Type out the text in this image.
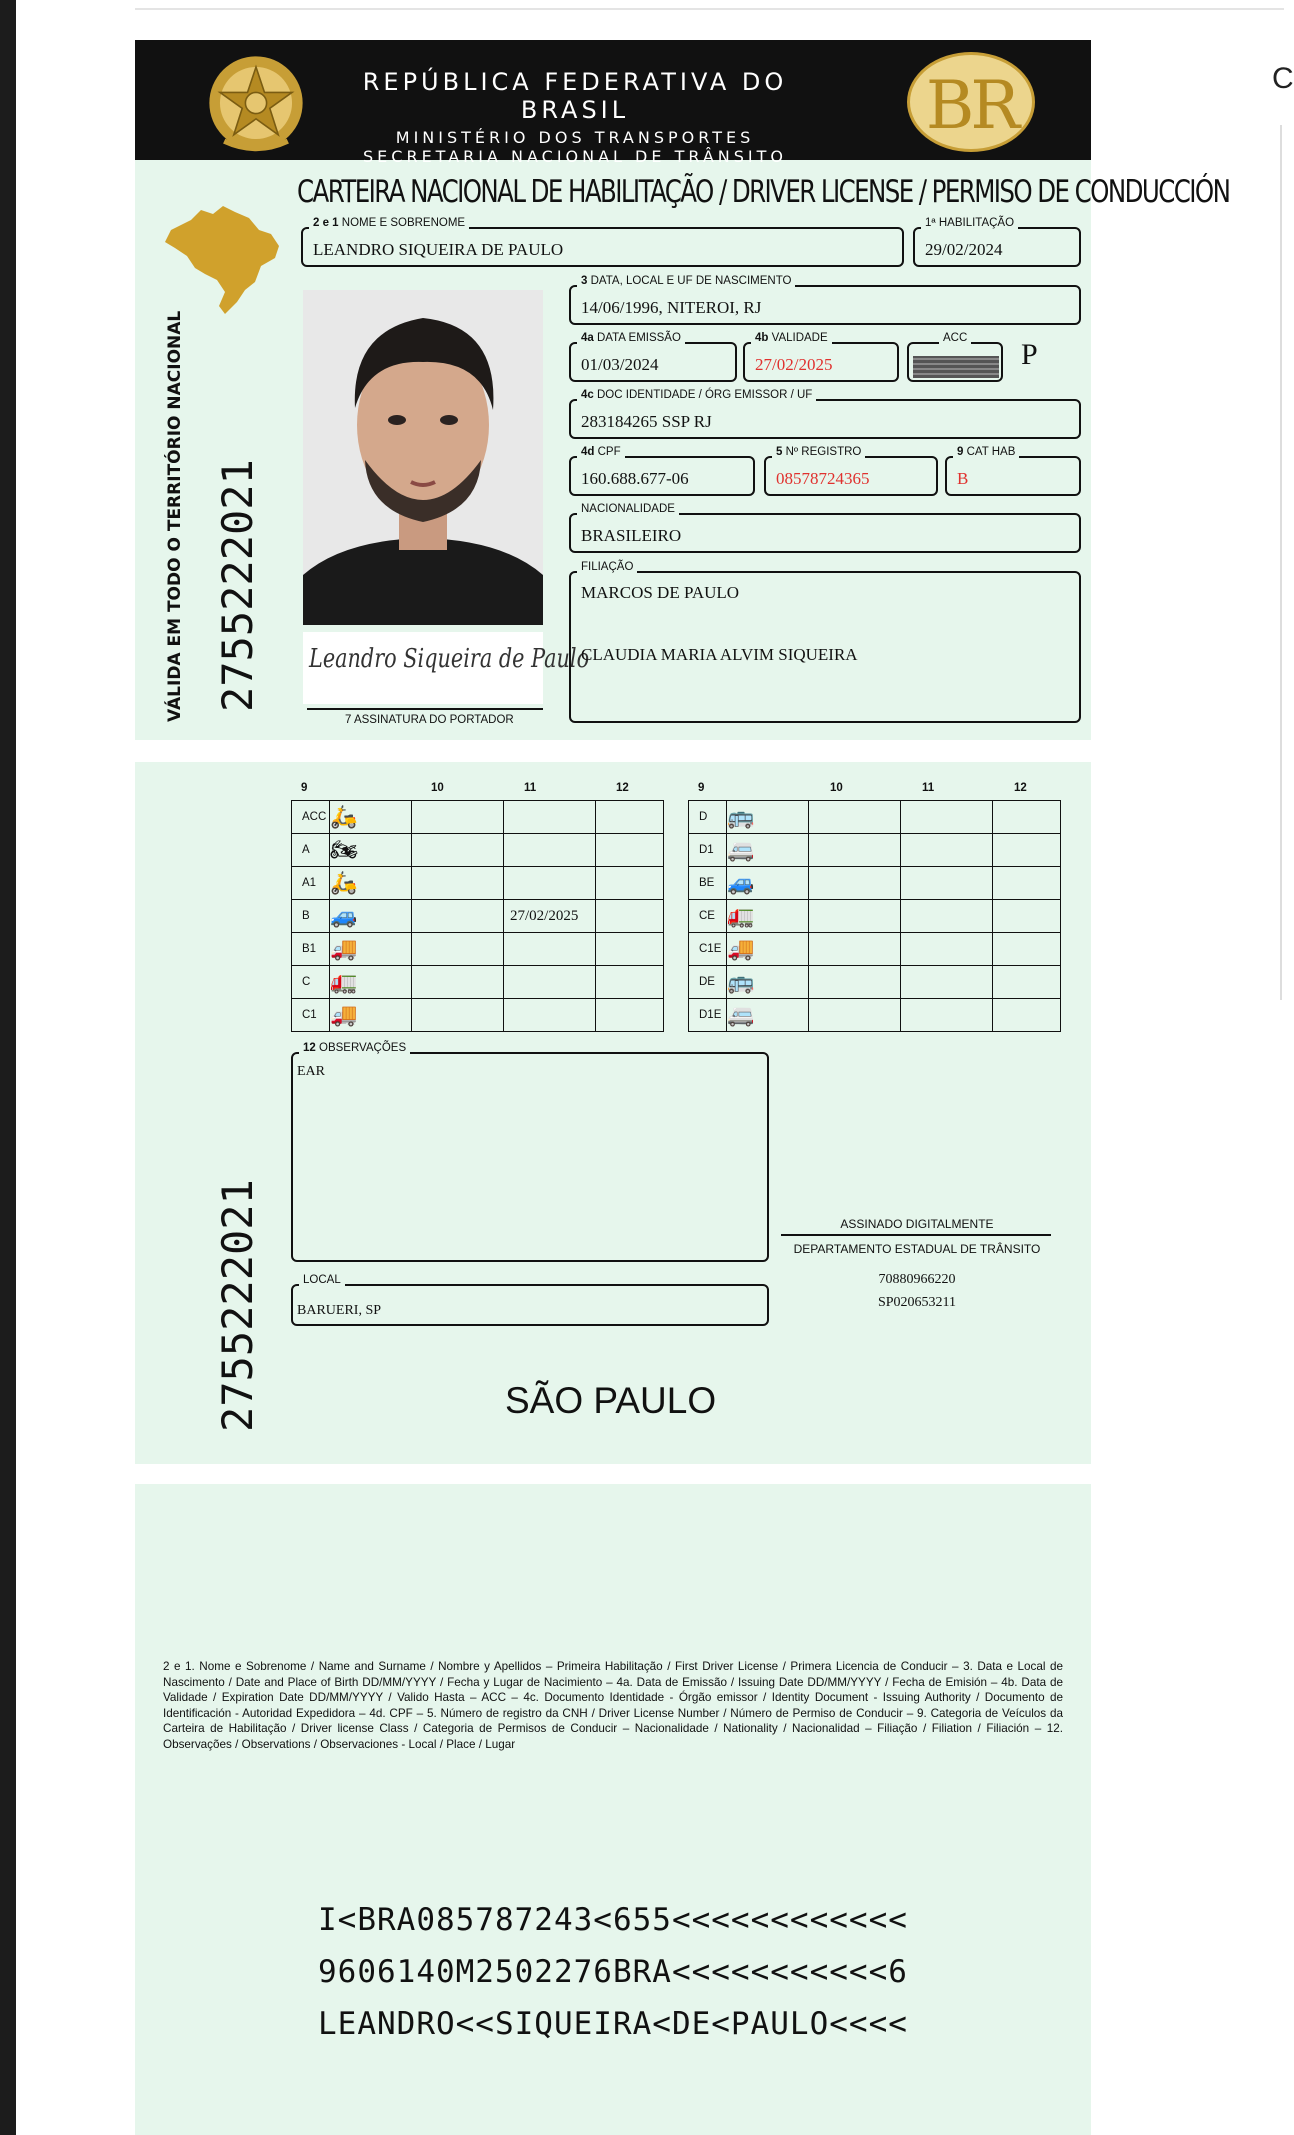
C
REPÚBLICA FEDERATIVA DO BRASIL
MINISTÉRIO DOS TRANSPORTES
SECRETARIA NACIONAL DE TRÂNSITO
BR
CARTEIRA NACIONAL DE HABILITAÇÃO / DRIVER LICENSE / PERMISO DE CONDUCCIÓN
VÁLIDA EM TODO O TERRITÓRIO NACIONAL 2755222021
2 e 1 NOME E SOBRENOME
LEANDRO SIQUEIRA DE PAULO
1ª HABILITAÇÃO
29/02/2024
Leandro Siqueira de Paulo
7 ASSINATURA DO PORTADOR
3 DATA, LOCAL E UF DE NASCIMENTO
14/06/1996, NITEROI, RJ
4a DATA EMISSÃO
01/03/2024
4b VALIDADE
27/02/2025
ACC P
4c DOC IDENTIDADE / ÓRG EMISSOR / UF
283184265 SSP RJ
4d CPF
160.688.677-06
5 Nº REGISTRO
08578724365
9 CAT HAB
B
NACIONALIDADE
BRASILEIRO
FILIAÇÃO
MARCOS DE PAULO
CLAUDIA MARIA ALVIM SIQUEIRA
2755222021
9	10	11	12	9	10	11	12
ACC	🛵			
A	🏍			
A1	🛵			
B	🚙		27/02/2025	
B1	🚚			
C	🚛			
C1	🚚			
D	🚌			
D1	🚐			
BE	🚙			
CE	🚛			
C1E	🚚			
DE	🚌			
D1E	🚐			
12 OBSERVAÇÕES
EAR
LOCAL
BARUERI, SP
ASSINADO DIGITALMENTE
DEPARTAMENTO ESTADUAL DE TRÂNSITO
70880966220
SP020653211
SÃO PAULO
2 e 1. Nome e Sobrenome / Name and Surname / Nombre y Apellidos – Primeira Habilitação / First Driver License / Primera Licencia de Conducir – 3. Data e Local de Nascimento / Date and Place of Birth DD/MM/YYYY / Fecha y Lugar de Nacimiento – 4a. Data de Emissão / Issuing Date DD/MM/YYYY / Fecha de Emisión – 4b. Data de Validade / Expiration Date DD/MM/YYYY / Valido Hasta – ACC – 4c. Documento Identidade - Órgão emissor / Identity Document - Issuing Authority / Documento de Identificación - Autoridad Expedidora – 4d. CPF – 5. Número de registro da CNH / Driver License Number / Número de Permiso de Conducir – 9. Categoria de Veículos da Carteira de Habilitação / Driver license Class / Categoria de Permisos de Conducir – Nacionalidade / Nationality / Nacionalidad – Filiação / Filiation / Filiación – 12. Observações / Observations / Observaciones - Local / Place / Lugar
I<BRA085787243<655<<<<<<<<<<<<
9606140M2502276BRA<<<<<<<<<<<6
LEANDRO<<SIQUEIRA<DE<PAULO<<<<
